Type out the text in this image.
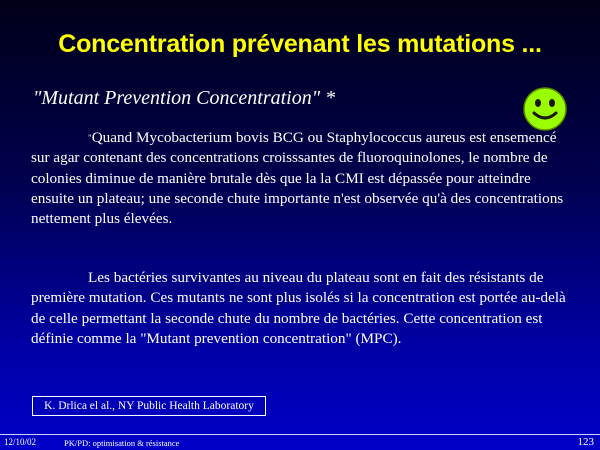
Concentration prévenant les mutations ...
"Mutant Prevention Concentration" *
"Quand Mycobacterium bovis BCG ou Staphylococcus aureus est ensemencé sur agar contenant des concentrations croisssantes de fluoroquinolones, le nombre de colonies diminue de manière brutale dès que la la CMI est dépassée pour atteindre ensuite un plateau; une seconde chute importante n'est observée qu'à des concentrations nettement plus élevées.
Les bactéries survivantes au niveau du plateau sont en fait des résistants de première mutation. Ces mutants ne sont plus isolés si la concentration est portée au-delà de celle permettant la seconde chute du nombre de bactéries. Cette concentration est définie comme la "Mutant prevention concentration" (MPC).
K. Drlica el al., NY Public Health Laboratory
12/10/02	PK/PD: optimisation & résistance	123
